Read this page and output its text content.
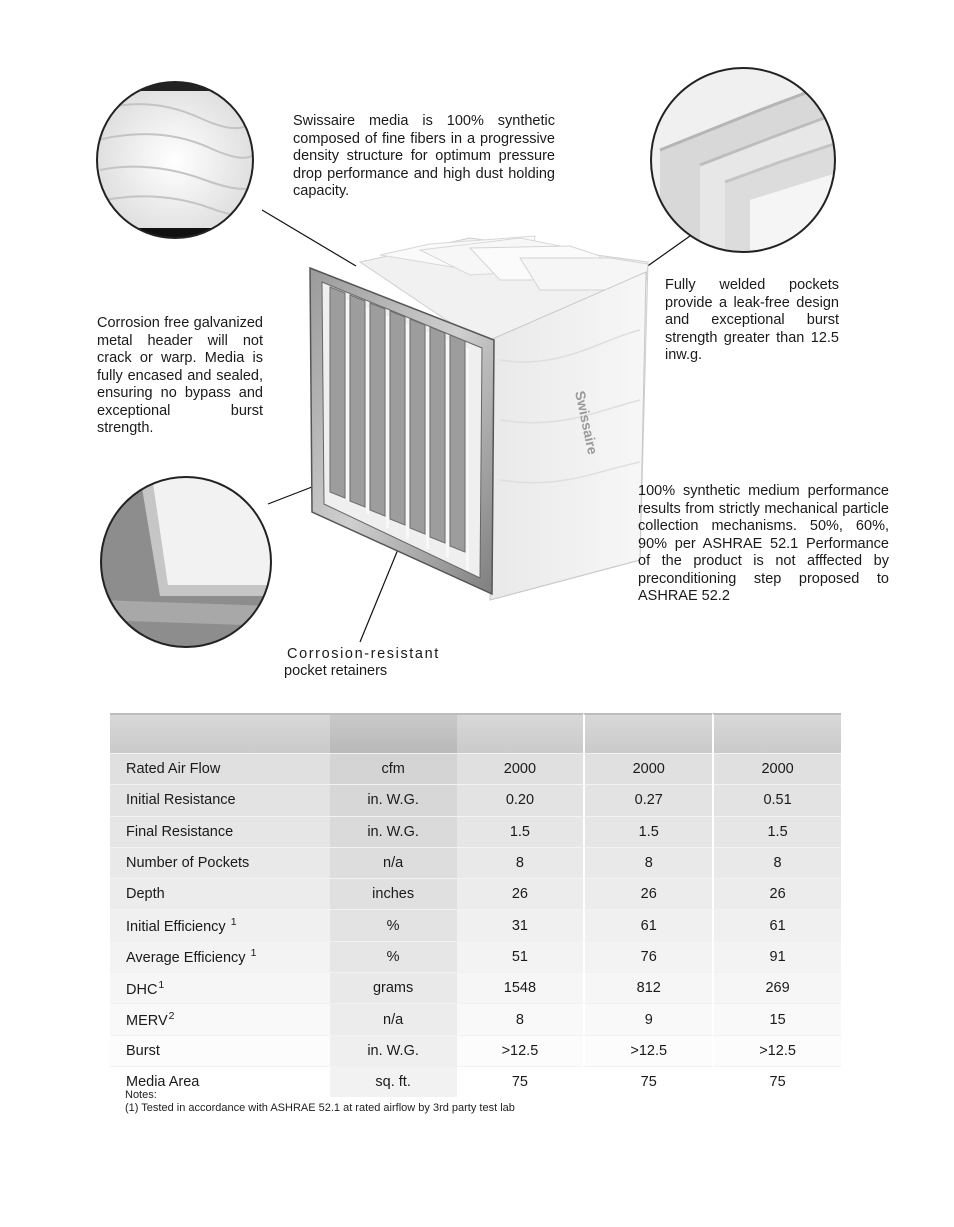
Swissaire

Swissaire media is 100% synthetic composed of fine fibers in a progressive density structure for optimum pressure drop performance and high dust holding capacity.

Fully welded pockets provide a leak-free design and exceptional burst strength greater than 12.5 inw.g.

Corrosion free galvanized metal header will not crack or warp. Media is fully encased and sealed, ensuring no bypass and exceptional burst strength.

100% synthetic medium performance results from strictly mechanical particle collection mechanisms. 50%, 60%, 90% per ASHRAE 52.1 Performance of the product is not afffected by preconditioning step proposed to ASHRAE 52.2

Corrosion-resistant
pocket retainers

Rated Air Flow	cfm	2000	2000	2000
Initial Resistance	in. W.G.	0.20	0.27	0.51
Final Resistance	in. W.G.	1.5	1.5	1.5
Number of Pockets	n/a	8	8	8
Depth	inches	26	26	26
Initial Efficiency $^1$	%	31	61	61
Average Efficiency $^1$	%	51	76	91
DHC$^1$	grams	1548	812	269
MERV$^2$	n/a	8	9	15
Burst	in. W.G.	>12.5	>12.5	>12.5
Media Area	sq. ft.	75	75	75
Notes:
(1) Tested in accordance with ASHRAE 52.1 at rated airflow by 3rd party test lab
